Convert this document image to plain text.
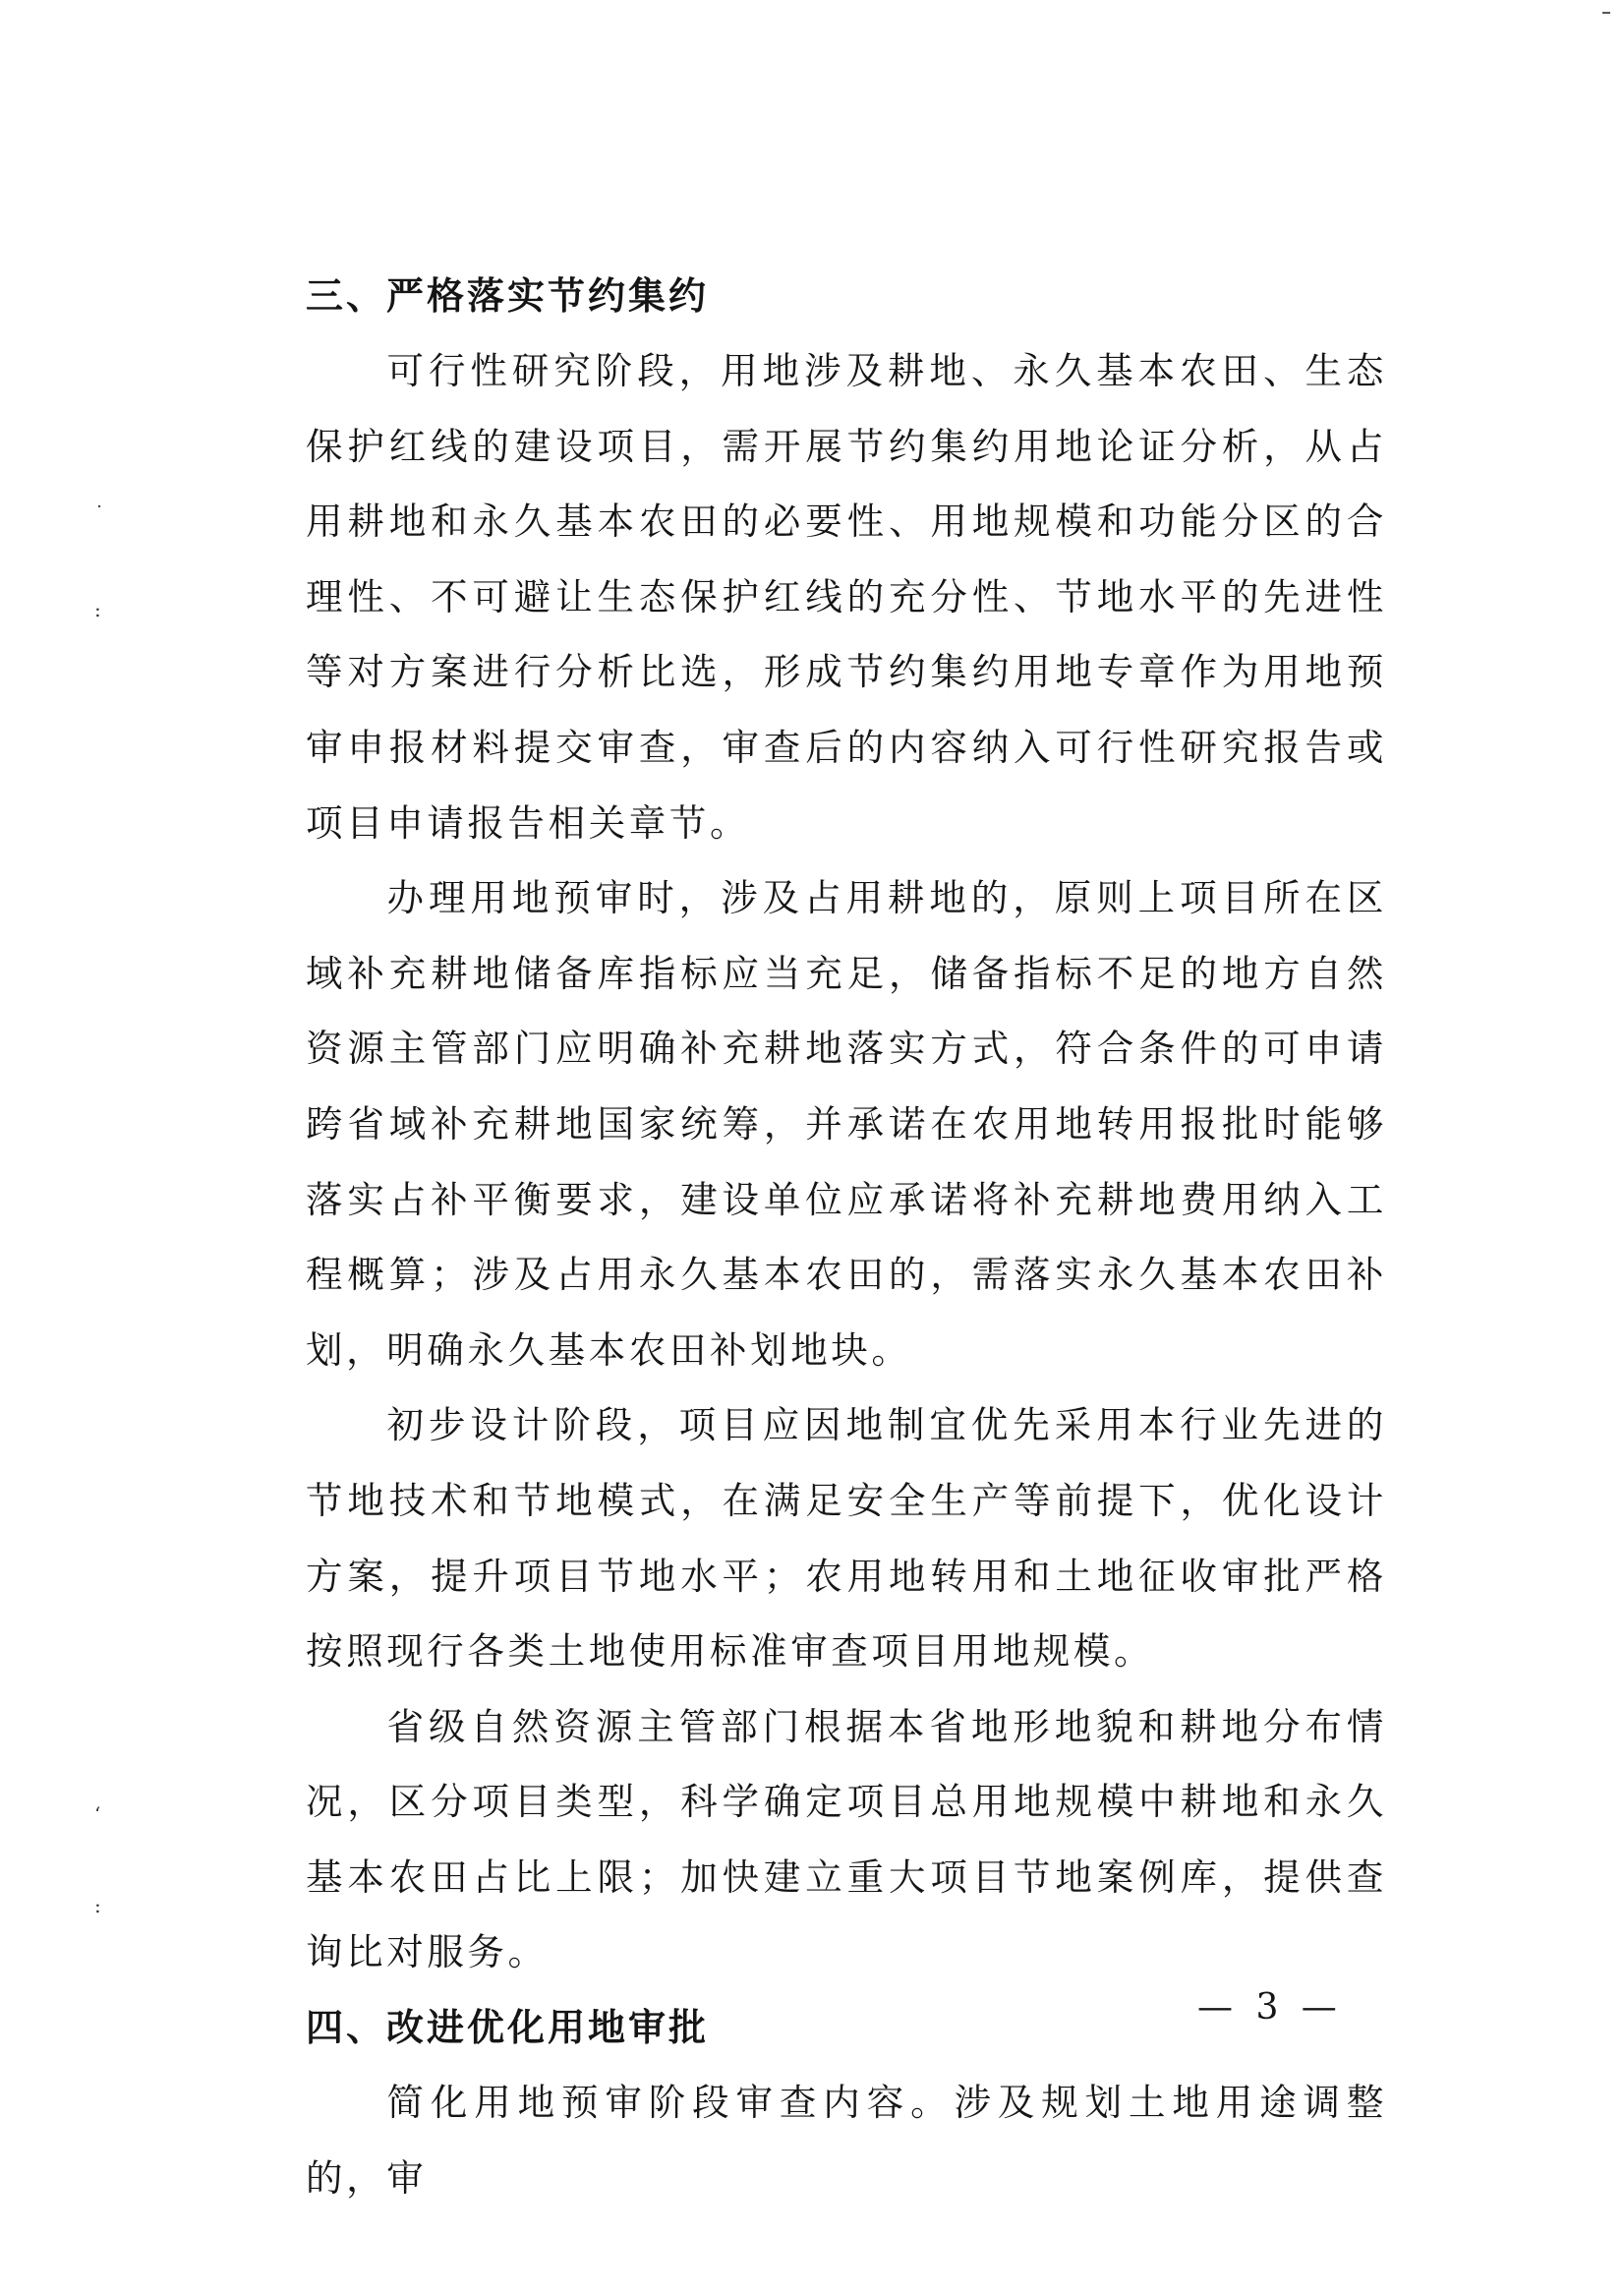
˙
:
‘
:
三、严格落实节约集约

可行性研究阶段，用地涉及耕地、永久基本农田、生态保护红线的建设项目，需开展节约集约用地论证分析，从占用耕地和永久基本农田的必要性、用地规模和功能分区的合理性、不可避让生态保护红线的充分性、节地水平的先进性等对方案进行分析比选，形成节约集约用地专章作为用地预审申报材料提交审查，审查后的内容纳入可行性研究报告或项目申请报告相关章节。

办理用地预审时，涉及占用耕地的，原则上项目所在区域补充耕地储备库指标应当充足，储备指标不足的地方自然资源主管部门应明确补充耕地落实方式，符合条件的可申请跨省域补充耕地国家统筹，并承诺在农用地转用报批时能够落实占补平衡要求，建设单位应承诺将补充耕地费用纳入工程概算；涉及占用永久基本农田的，需落实永久基本农田补划，明确永久基本农田补划地块。

初步设计阶段，项目应因地制宜优先采用本行业先进的节地技术和节地模式，在满足安全生产等前提下，优化设计方案，提升项目节地水平；农用地转用和土地征收审批严格按照现行各类土地使用标准审查项目用地规模。

省级自然资源主管部门根据本省地形地貌和耕地分布情况，区分项目类型，科学确定项目总用地规模中耕地和永久基本农田占比上限；加快建立重大项目节地案例库，提供查询比对服务。

四、改进优化用地审批

简化用地预审阶段审查内容。涉及规划土地用途调整的，审

— 3 —
